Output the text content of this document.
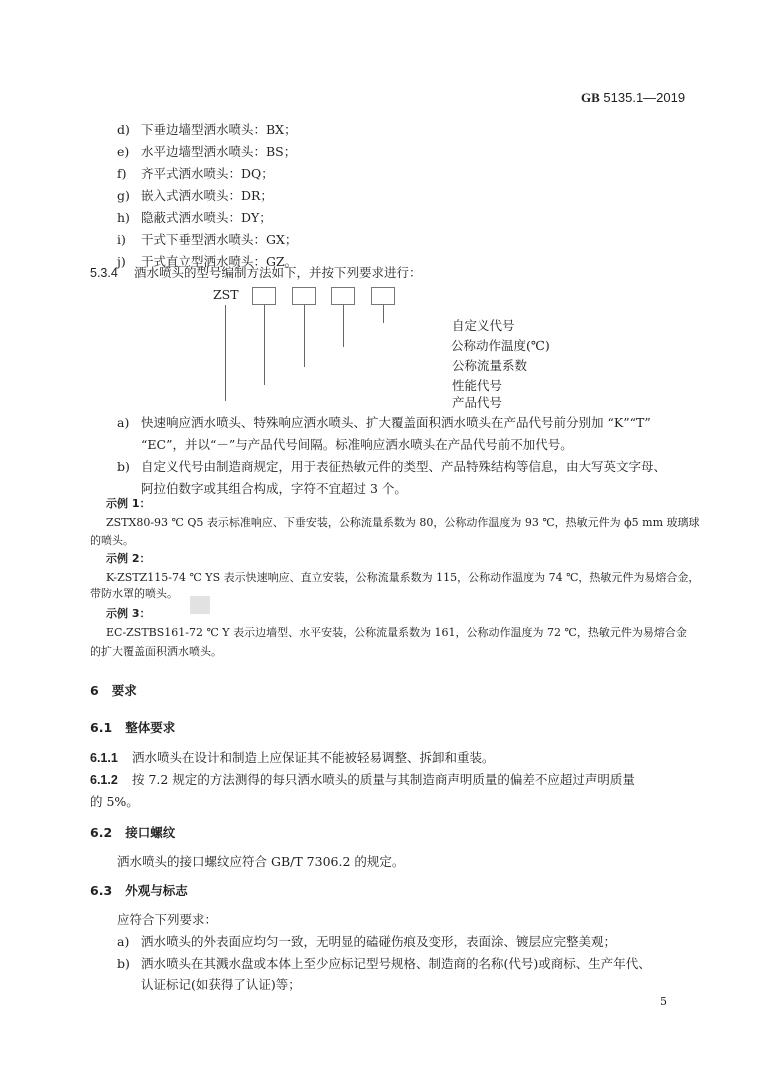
GB 5135.1—2019
d) 下垂边墙型洒水喷头：BX；
e) 水平边墙型洒水喷头：BS；
f) 齐平式洒水喷头：DQ；
g) 嵌入式洒水喷头：DR；
h) 隐蔽式洒水喷头：DY；
i) 干式下垂型洒水喷头：GX；
j) 干式直立型洒水喷头：GZ。
5.3.4 酒水喷头的型号编制方法如下，并按下列要求进行：
ZST
自定义代号
公称动作温度(℃)
公称流量系数
性能代号
产品代号
a) 快速响应洒水喷头、特殊响应洒水喷头、扩大覆盖面积洒水喷头在产品代号前分别加 “K”“T”
“EC”，并以“－”与产品代号间隔。标准响应洒水喷头在产品代号前不加代号。
b) 自定义代号由制造商规定，用于表征热敏元件的类型、产品特殊结构等信息，由大写英文字母、
阿拉伯数字或其组合构成，字符不宜超过 3 个。
示例 1：
ZSTX80-93 ℃ Q5 表示标准响应、下垂安装，公称流量系数为 80，公称动作温度为 93 ℃，热敏元件为 ϕ5 mm 玻璃球
的喷头。
示例 2：
K-ZSTZ115-74 ℃ YS 表示快速响应、直立安装，公称流量系数为 115，公称动作温度为 74 ℃，热敏元件为易熔合金，
带防水罩的喷头。
示例 3：
EC-ZSTBS161-72 ℃ Y 表示边墙型、水平安装，公称流量系数为 161，公称动作温度为 72 ℃，热敏元件为易熔合金
的扩大覆盖面积洒水喷头。
6 要求
6.1 整体要求
6.1.1 洒水喷头在设计和制造上应保证其不能被轻易调整、拆卸和重装。
6.1.2 按 7.2 规定的方法测得的每只洒水喷头的质量与其制造商声明质量的偏差不应超过声明质量
的 5%。
6.2 接口螺纹
洒水喷头的接口螺纹应符合 GB/T 7306.2 的规定。
6.3 外观与标志
应符合下列要求：
a) 洒水喷头的外表面应均匀一致，无明显的磕碰伤痕及变形，表面涂、镀层应完整美观；
b) 洒水喷头在其溅水盘或本体上至少应标记型号规格、制造商的名称(代号)或商标、生产年代、
认证标记(如获得了认证)等；
5
